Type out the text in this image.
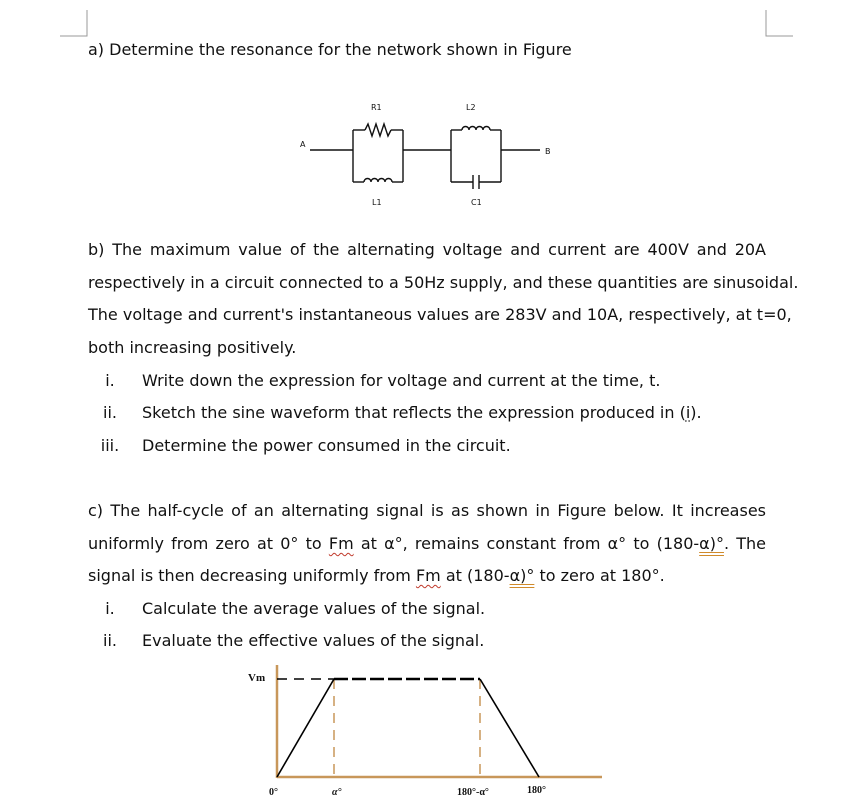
a) Determine the resonance for the network shown in Figure
R1	L2
A
B
L1	C1
b) The maximum value of the alternating voltage and current are 400V and 20A
respectively in a circuit connected to a 50Hz supply, and these quantities are sinusoidal.
The voltage and current's instantaneous values are 283V and 10A, respectively, at t=0,
both increasing positively.
i.	Write down the expression for voltage and current at the time, t.
ii.	Sketch the sine waveform that reflects the expression produced in (i).
iii.	Determine the power consumed in the circuit.
c) The half-cycle of an alternating signal is as shown in Figure below. It increases
uniformly from zero at 0° to Fm at α°, remains constant from α° to (180-α)°. The
signal is then decreasing uniformly from Fm at (180-α)° to zero at 180°.
i.	Calculate the average values of the signal.
ii.	Evaluate the effective values of the signal.
Vm
0°	α°	180°-α°	180°
